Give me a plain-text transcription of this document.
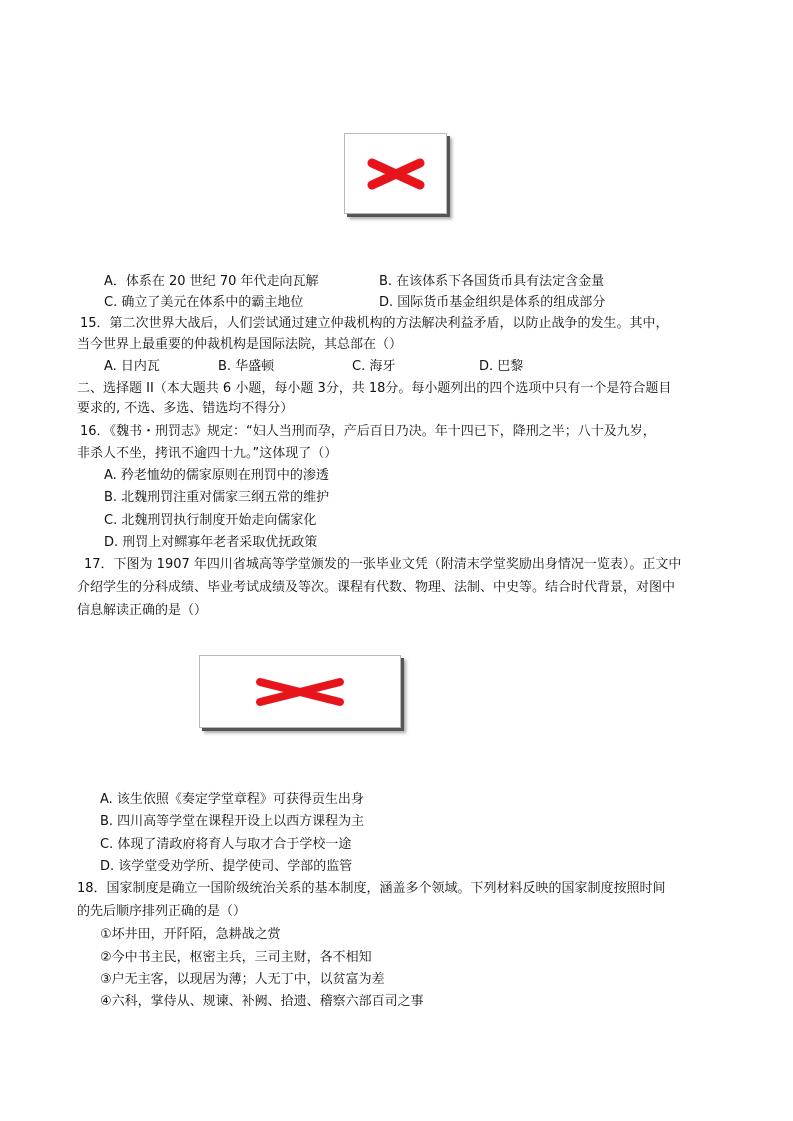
A．体系在 20 世纪 70 年代走向瓦解	B. 在该体系下各国货币具有法定含金量
C. 确立了美元在体系中的霸主地位	D. 国际货币基金组织是体系的组成部分
15．第二次世界大战后，人们尝试通过建立仲裁机构的方法解决利益矛盾，以防止战争的发生。其中，
当今世界上最重要的仲裁机构是国际法院，其总部在（）
A. 日内瓦	B. 华盛顿	C. 海牙	D. 巴黎
二、选择题 II（本大题共 6 小题，每小题 3分，共 18分。每小题列出的四个选项中只有一个是符合题目
要求的, 不选、多选、错选均不得分）
16．《魏书・刑罚志》规定：“妇人当刑而孕，产后百日乃决。年十四已下，降刑之半；八十及九岁，
非杀人不坐，拷讯不逾四十九。”这体现了（）
A. 矜老恤幼的儒家原则在刑罚中的渗透
B. 北魏刑罚注重对儒家三纲五常的维护
C. 北魏刑罚执行制度开始走向儒家化
D. 刑罚上对鳏寡年老者采取优抚政策
17．下图为 1907 年四川省城高等学堂颁发的一张毕业文凭（附清末学堂奖励出身情况一览表）。正文中
介绍学生的分科成绩、毕业考试成绩及等次。课程有代数、物理、法制、中史等。结合时代背景，对图中
信息解读正确的是（）
A. 该生依照《奏定学堂章程》可获得贡生出身
B. 四川高等学堂在课程开设上以西方课程为主
C. 体现了清政府将育人与取才合于学校一途
D. 该学堂受劝学所、提学使司、学部的监管
18．国家制度是确立一国阶级统治关系的基本制度，涵盖多个领域。下列材料反映的国家制度按照时间
的先后顺序排列正确的是（）
①坏井田，开阡陌，急耕战之赏
②今中书主民，枢密主兵，三司主财，各不相知
③户无主客，以现居为薄；人无丁中，以贫富为差
④六科，掌侍从、规谏、补阙、拾遗、稽察六部百司之事
